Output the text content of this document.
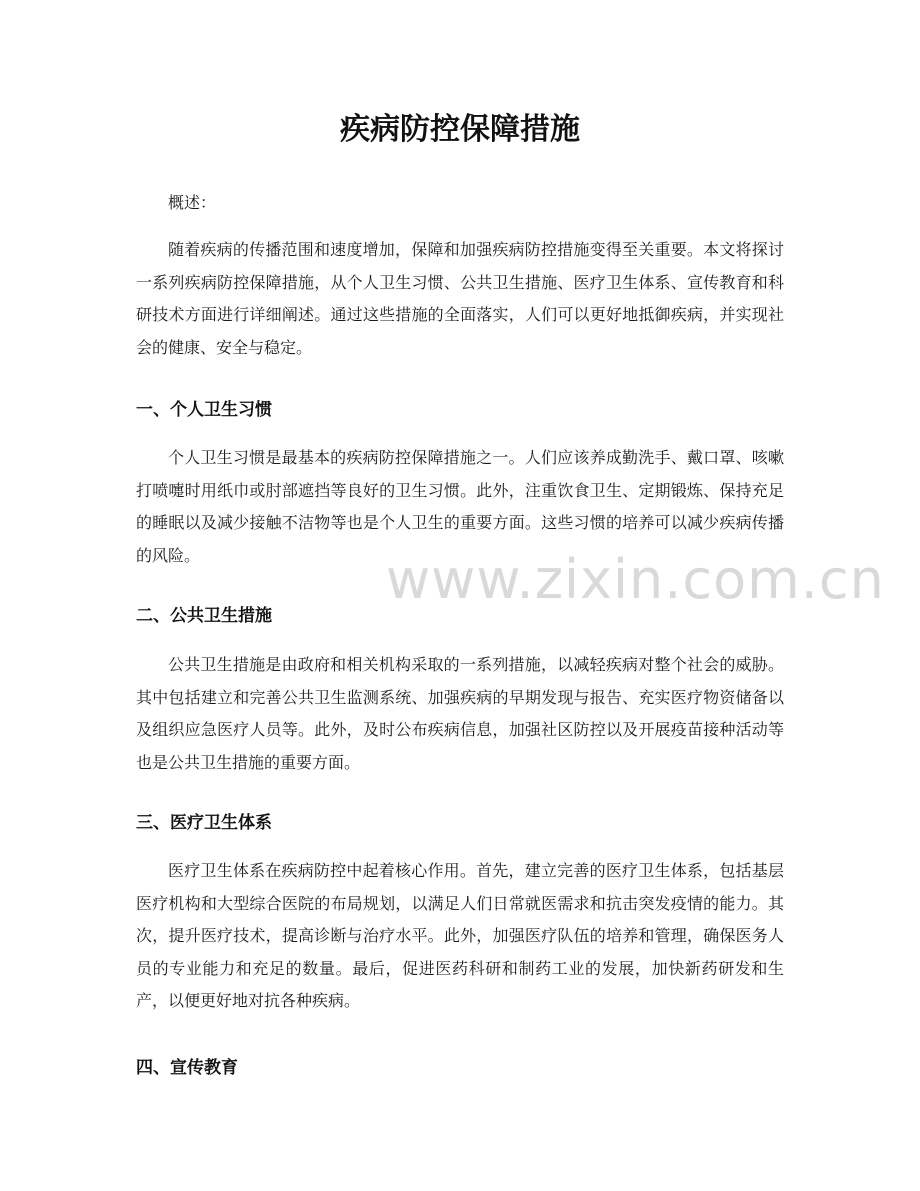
疾病防控保障措施
概述：
随着疾病的传播范围和速度增加，保障和加强疾病防控措施变得至关重要。本文将探讨一系列疾病防控保障措施，从个人卫生习惯、公共卫生措施、医疗卫生体系、宣传教育和科研技术方面进行详细阐述。通过这些措施的全面落实，人们可以更好地抵御疾病，并实现社会的健康、安全与稳定。
一、个人卫生习惯
个人卫生习惯是最基本的疾病防控保障措施之一。人们应该养成勤洗手、戴口罩、咳嗽打喷嚏时用纸巾或肘部遮挡等良好的卫生习惯。此外，注重饮食卫生、定期锻炼、保持充足的睡眠以及减少接触不洁物等也是个人卫生的重要方面。这些习惯的培养可以减少疾病传播的风险。
二、公共卫生措施
公共卫生措施是由政府和相关机构采取的一系列措施，以减轻疾病对整个社会的威胁。其中包括建立和完善公共卫生监测系统、加强疾病的早期发现与报告、充实医疗物资储备以及组织应急医疗人员等。此外，及时公布疾病信息，加强社区防控以及开展疫苗接种活动等也是公共卫生措施的重要方面。
三、医疗卫生体系
医疗卫生体系在疾病防控中起着核心作用。首先，建立完善的医疗卫生体系，包括基层医疗机构和大型综合医院的布局规划，以满足人们日常就医需求和抗击突发疫情的能力。其次，提升医疗技术，提高诊断与治疗水平。此外，加强医疗队伍的培养和管理，确保医务人员的专业能力和充足的数量。最后，促进医药科研和制药工业的发展，加快新药研发和生产，以便更好地对抗各种疾病。
四、宣传教育
www.zixin.com.cn
